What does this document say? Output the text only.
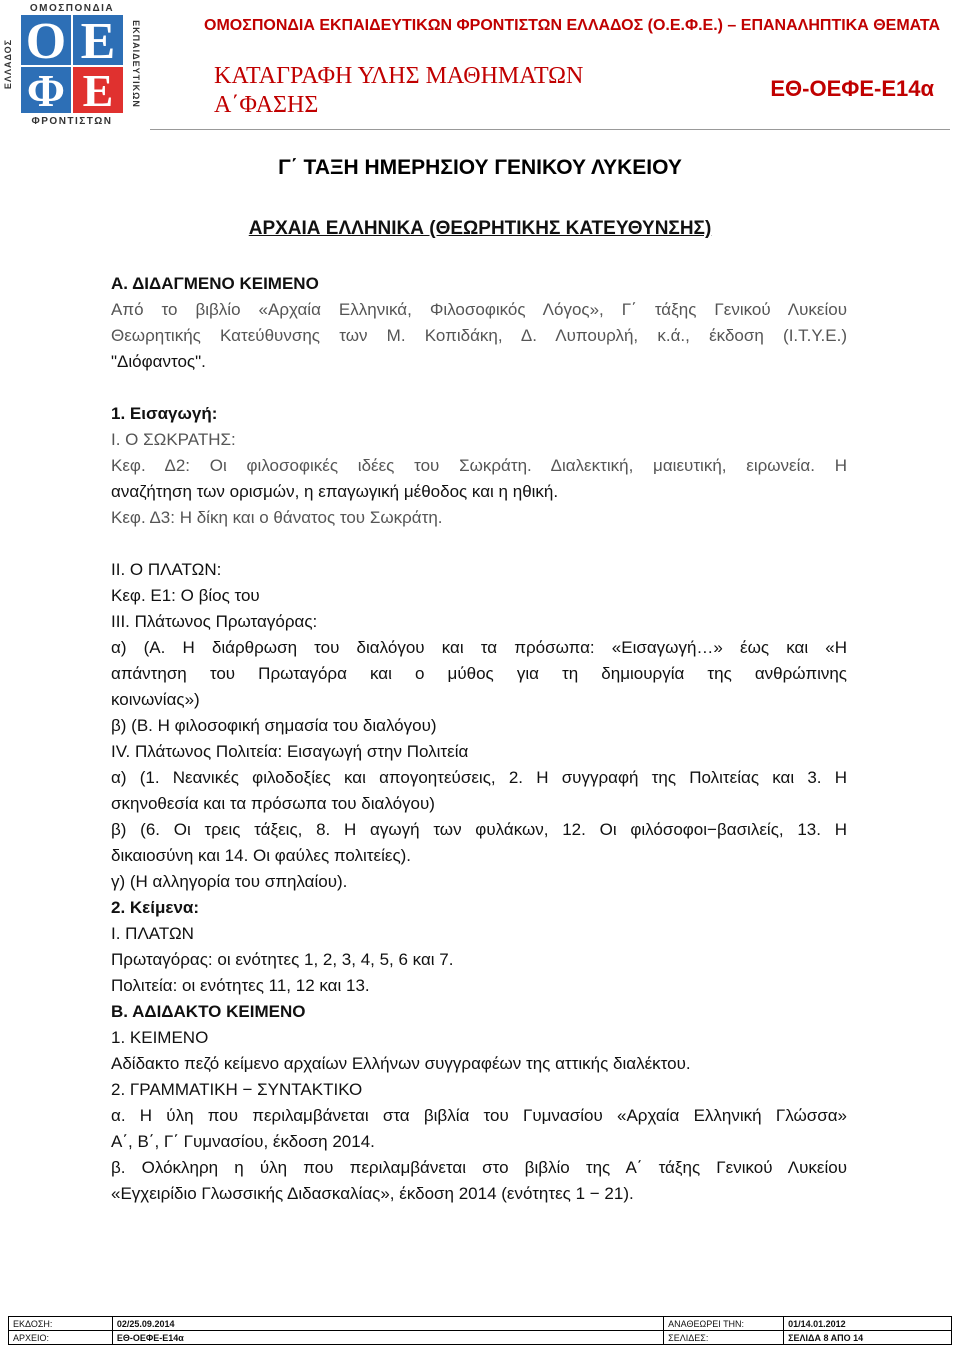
ΟΜΟΣΠΟΝΔΙΑ
ΦΡΟΝΤΙΣΤΩΝ
ΕΛΛΑΔΟΣ	ΕΚΠΑΙΔΕΥΤΙΚΩΝ
Ο Ε
Φ Ε
ΟΜΟΣΠΟΝΔΙΑ ΕΚΠΑΙΔΕΥΤΙΚΩΝ ΦΡΟΝΤΙΣΤΩΝ ΕΛΛΑΔΟΣ (Ο.Ε.Φ.Ε.) – ΕΠΑΝΑΛΗΠΤΙΚΑ ΘΕΜΑΤΑ
ΚΑΤΑΓΡΑΦΗ ΥΛΗΣ ΜΑΘΗΜΑΤΩΝ
Α΄ΦΑΣΗΣ
ΕΘ-ΟΕΦΕ-Ε14α
Γ΄ ΤΑΞΗ ΗΜΕΡΗΣΙΟΥ ΓΕΝΙΚΟΥ ΛΥΚΕΙΟΥ
ΑΡΧΑΙΑ ΕΛΛΗΝΙΚΑ (ΘΕΩΡΗΤΙΚΗΣ ΚΑΤΕΥΘΥΝΣΗΣ)
Α. ΔΙΔΑΓΜΕΝΟ ΚΕΙΜΕΝΟ
Από το βιβλίο «Αρχαία Ελληνικά, Φιλοσοφικός Λόγος», Γ΄ τάξης Γενικού Λυκείου
Θεωρητικής Κατεύθυνσης των Μ. Κοπιδάκη, Δ. Λυπουρλή, κ.ά., έκδοση (Ι.Τ.Υ.Ε.)
"Διόφαντος".
1. Εισαγωγή:
Ι. Ο ΣΩΚΡΑΤΗΣ:
Κεφ. Δ2: Οι φιλοσοφικές ιδέες του Σωκράτη. Διαλεκτική, μαιευτική, ειρωνεία. Η
αναζήτηση των ορισμών, η επαγωγική μέθοδος και η ηθική.
Κεφ. Δ3: Η δίκη και ο θάνατος του Σωκράτη.
ΙΙ. Ο ΠΛΑΤΩΝ:
Κεφ. Ε1: Ο βίος του
ΙΙΙ. Πλάτωνος Πρωταγόρας:
α) (Α. Η διάρθρωση του διαλόγου και τα πρόσωπα: «Εισαγωγή…» έως και «Η
απάντηση του Πρωταγόρα και ο μύθος για τη δημιουργία της ανθρώπινης
κοινωνίας»)
β) (Β. Η φιλοσοφική σημασία του διαλόγου)
ΙV. Πλάτωνος Πολιτεία: Εισαγωγή στην Πολιτεία
α) (1. Νεανικές φιλοδοξίες και απογοητεύσεις, 2. Η συγγραφή της Πολιτείας και 3. Η
σκηνοθεσία και τα πρόσωπα του διαλόγου)
β) (6. Οι τρεις τάξεις, 8. Η αγωγή των φυλάκων, 12. Οι φιλόσοφοι−βασιλείς, 13. Η
δικαιοσύνη και 14. Οι φαύλες πολιτείες).
γ) (Η αλληγορία του σπηλαίου).
2. Κείμενα:
Ι. ΠΛΑΤΩΝ
Πρωταγόρας: οι ενότητες 1, 2, 3, 4, 5, 6 και 7.
Πολιτεία: οι ενότητες 11, 12 και 13.
Β. ΑΔΙΔΑΚΤΟ ΚΕΙΜΕΝΟ
1. ΚΕΙΜΕΝΟ
Αδίδακτο πεζό κείμενο αρχαίων Ελλήνων συγγραφέων της αττικής διαλέκτου.
2. ΓΡΑΜΜΑΤΙΚΗ − ΣΥΝΤΑΚΤΙΚΟ
α. Η ύλη που περιλαμβάνεται στα βιβλία του Γυμνασίου «Αρχαία Ελληνική Γλώσσα»
Α΄, Β΄, Γ΄ Γυμνασίου, έκδοση 2014.
β. Ολόκληρη η ύλη που περιλαμβάνεται στο βιβλίο της Α΄ τάξης Γενικού Λυκείου
«Εγχειρίδιο Γλωσσικής Διδασκαλίας», έκδοση 2014 (ενότητες 1 − 21).
ΕΚΔΟΣΗ:	02/25.09.2014	ΑΝΑΘΕΩΡΕΙ ΤΗΝ:	01/14.01.2012
ΑΡΧΕΙΟ:	ΕΘ-ΟΕΦΕ-Ε14α	ΣΕΛΙΔΕΣ:	ΣΕΛΙΔΑ 8 ΑΠΟ 14
